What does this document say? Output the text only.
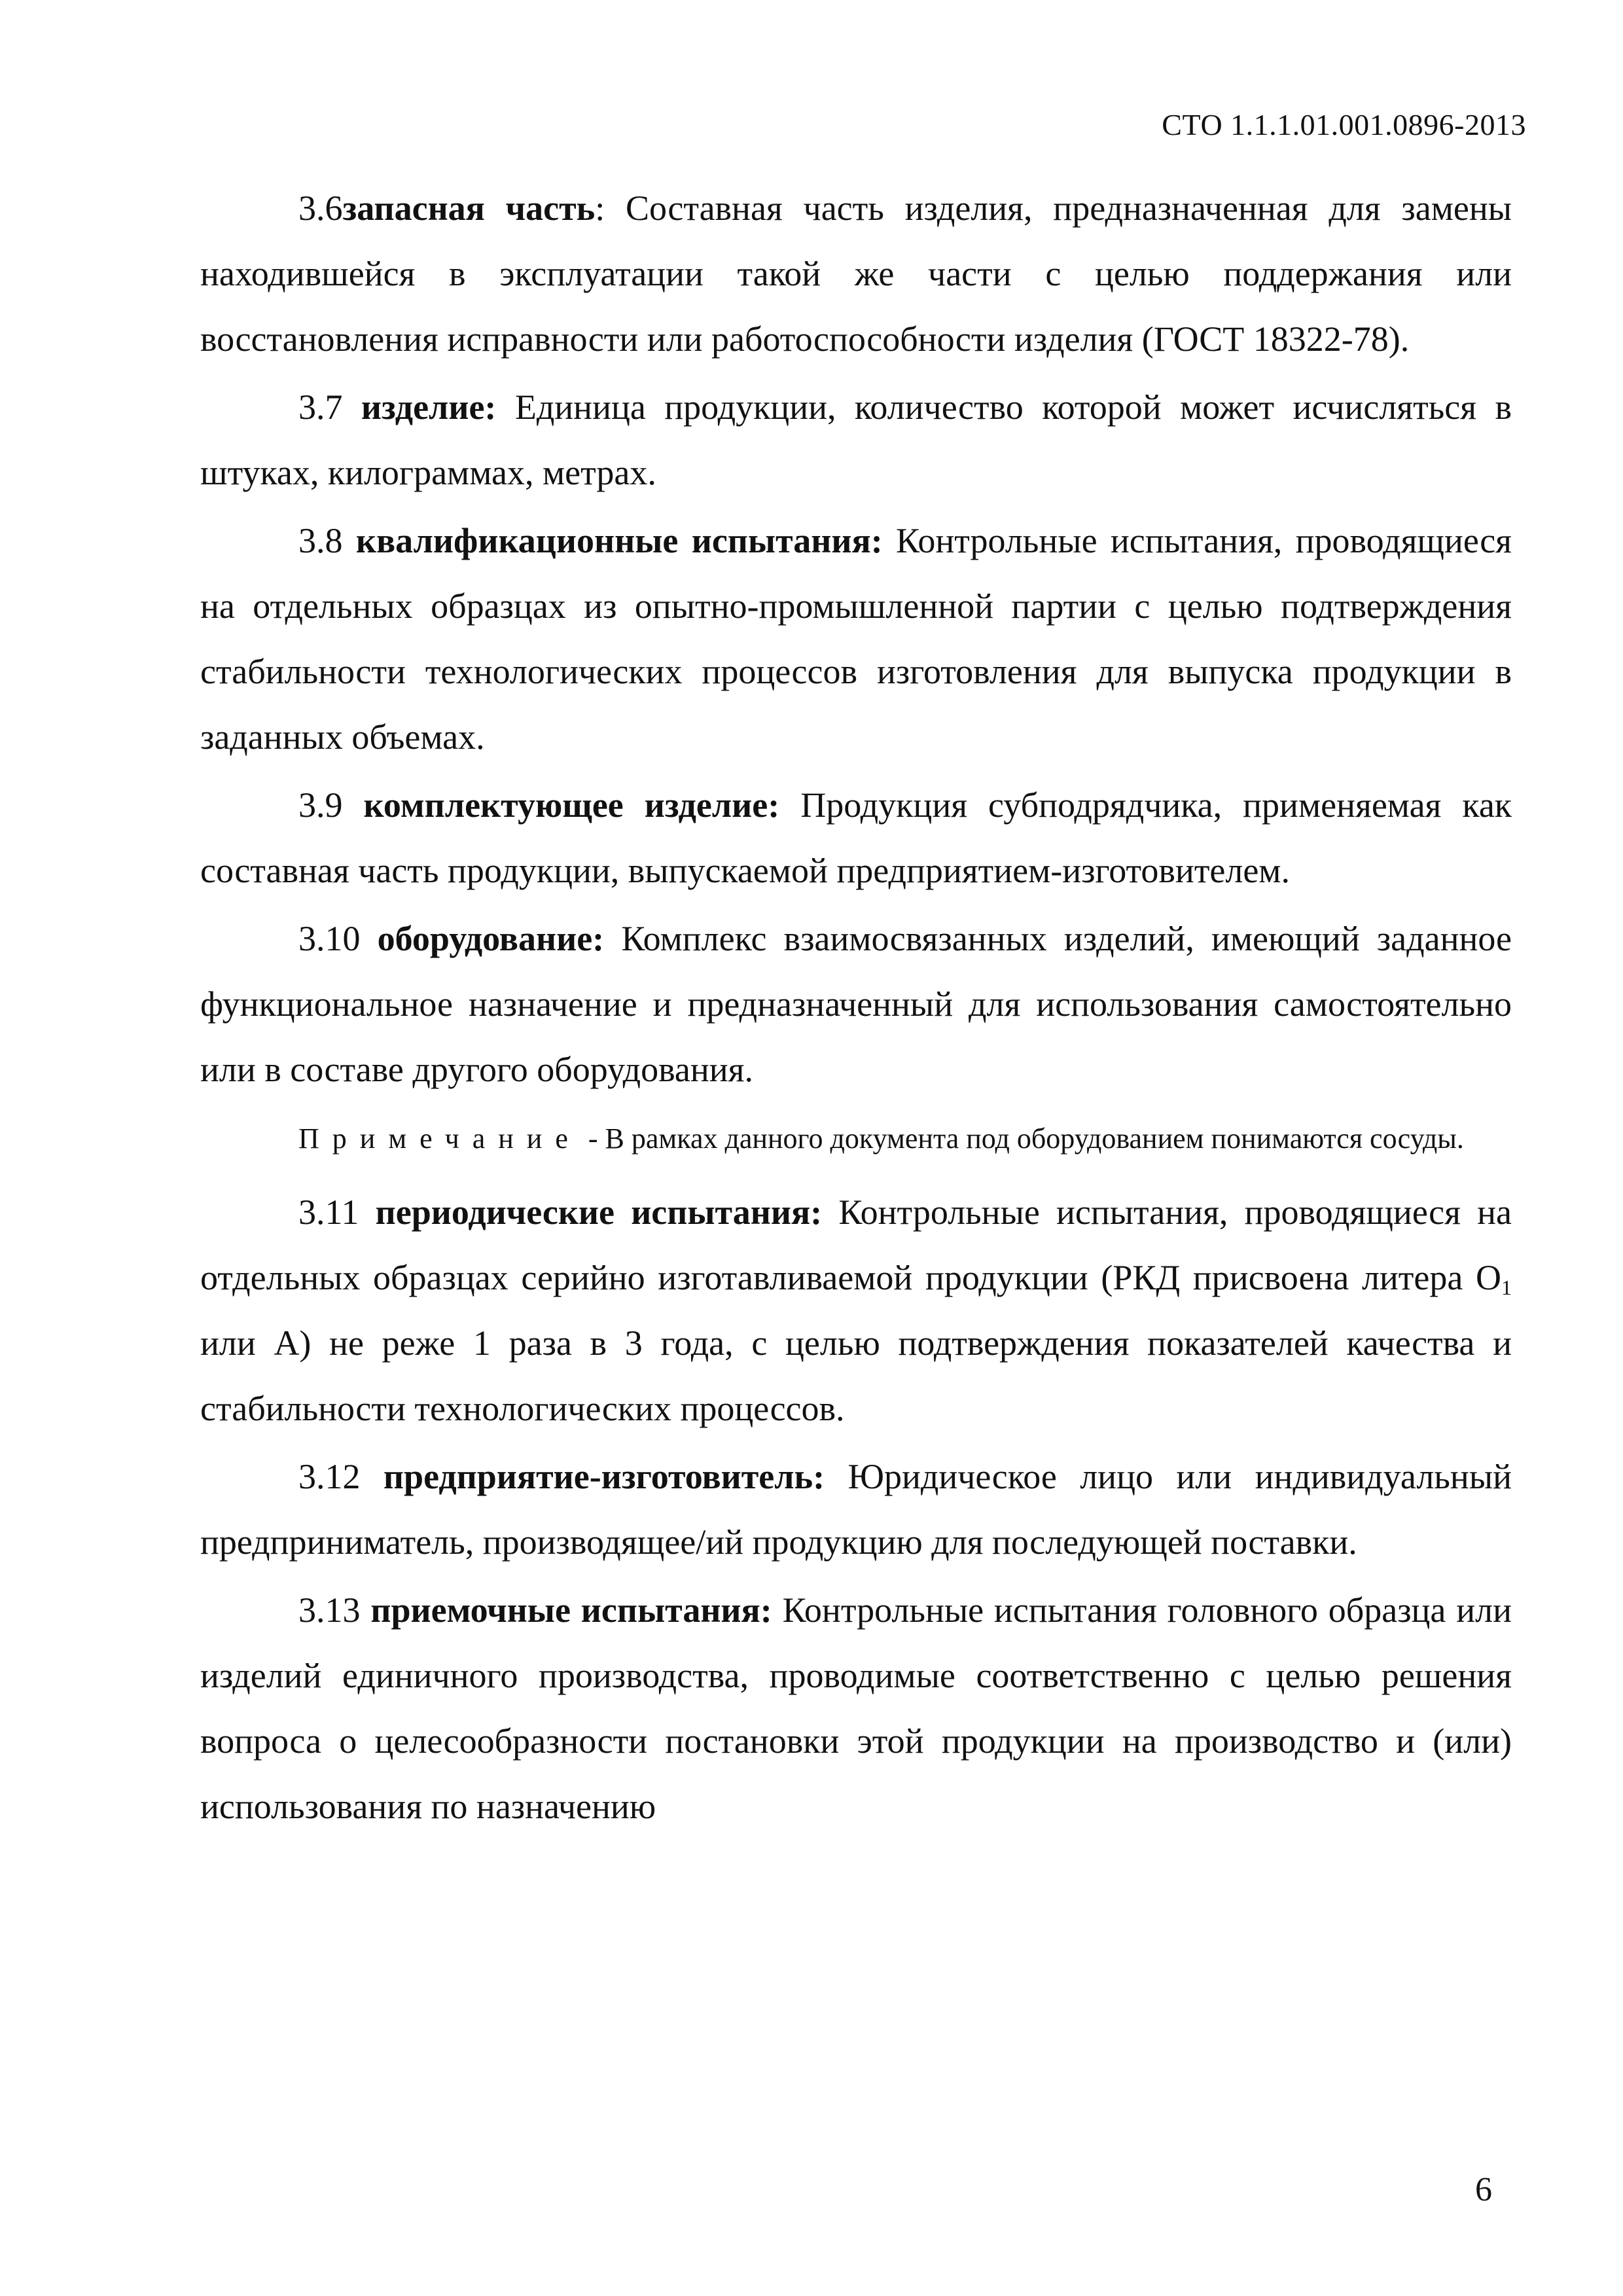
СТО 1.1.1.01.001.0896-2013

3.6запасная часть: Составная часть изделия, предназначенная для замены находившейся в эксплуатации такой же части с целью поддержания или восстановления исправности или работоспособности изделия (ГОСТ 18322-78).

3.7 изделие: Единица продукции, количество которой может исчисляться в штуках, килограммах, метрах.

3.8 квалификационные испытания: Контрольные испытания, проводящиеся на отдельных образцах из опытно-промышленной партии с целью подтверждения стабильности технологических процессов изготовления для выпуска продукции в заданных объемах.

3.9 комплектующее изделие: Продукция субподрядчика, применяемая как составная часть продукции, выпускаемой предприятием-изготовителем.

3.10 оборудование: Комплекс взаимосвязанных изделий, имеющий заданное функциональное назначение и предназначенный для использования самостоятельно или в составе другого оборудования.

Примечание - В рамках данного документа под оборудованием понимаются сосуды.

3.11 периодические испытания: Контрольные испытания, проводящиеся на отдельных образцах серийно изготавливаемой продукции (РКД присвоена литера $О_1$ или А) не реже 1 раза в 3 года, с целью подтверждения показателей качества и стабильности технологических процессов.

3.12 предприятие-изготовитель: Юридическое лицо или индивидуальный предприниматель, производящее/ий продукцию для последующей поставки.

3.13 приемочные испытания: Контрольные испытания головного образца или изделий единичного производства, проводимые соответственно с целью решения вопроса о целесообразности постановки этой продукции на производство и (или) использования по назначению

6
